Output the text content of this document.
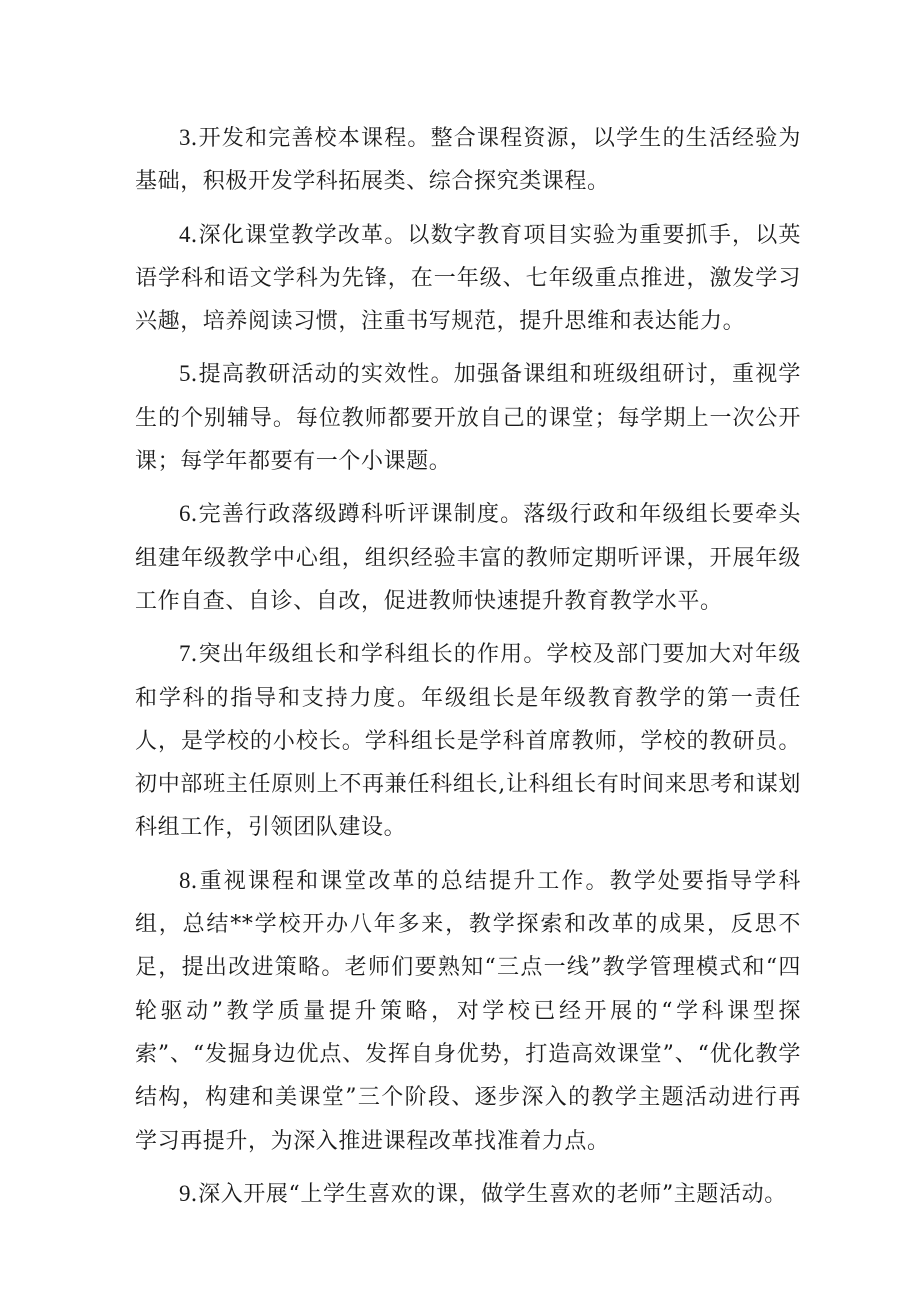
3.开发和完善校本课程。整合课程资源，以学生的生活经验为基础，积极开发学科拓展类、综合探究类课程。

4.深化课堂教学改革。以数字教育项目实验为重要抓手，以英语学科和语文学科为先锋，在一年级、七年级重点推进，激发学习兴趣，培养阅读习惯，注重书写规范，提升思维和表达能力。

5.提高教研活动的实效性。加强备课组和班级组研讨，重视学生的个别辅导。每位教师都要开放自己的课堂；每学期上一次公开课；每学年都要有一个小课题。

6.完善行政落级蹲科听评课制度。落级行政和年级组长要牵头组建年级教学中心组，组织经验丰富的教师定期听评课，开展年级工作自查、自诊、自改，促进教师快速提升教育教学水平。

7.突出年级组长和学科组长的作用。学校及部门要加大对年级和学科的指导和支持力度。年级组长是年级教育教学的第一责任人，是学校的小校长。学科组长是学科首席教师，学校的教研员。初中部班主任原则上不再兼任科组长,让科组长有时间来思考和谋划科组工作，引领团队建设。

8.重视课程和课堂改革的总结提升工作。教学处要指导学科组，总结**学校开办八年多来，教学探索和改革的成果，反思不足，提出改进策略。老师们要熟知“三点一线”教学管理模式和“四轮驱动”教学质量提升策略，对学校已经开展的“学科课型探索”、“发掘身边优点、发挥自身优势，打造高效课堂”、“优化教学结构，构建和美课堂”三个阶段、逐步深入的教学主题活动进行再学习再提升，为深入推进课程改革找准着力点。

9.深入开展“上学生喜欢的课，做学生喜欢的老师”主题活动。
